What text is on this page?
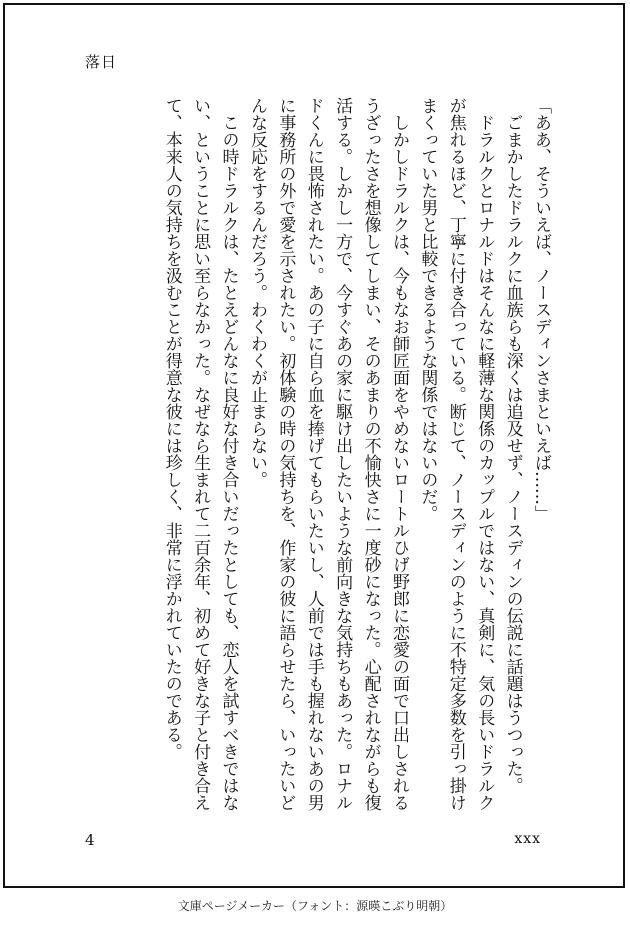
落日

「ああ、そういえば、ノースディンさまといえば……」

　ごまかしたドラルクに血族らも深くは追及せず、ノースディンの伝説に話題はうつった。

　ドラルクとロナルドはそんなに軽薄な関係のカップルではない、真剣に、気の長いドラルクが焦れるほど、丁寧に付き合っている。断じて、ノースディンのように不特定多数を引っ掛けまくっていた男と比較できるような関係ではないのだ。

　しかしドラルクは、今もなお師匠面をやめないロートルひげ野郎に恋愛の面で口出しされるうざったさを想像してしまい、そのあまりの不愉快さに一度砂になった。心配されながらも復活する。しかし一方で、今すぐあの家に駆け出したいような前向きな気持ちもあった。ロナルドくんに畏怖されたい。あの子に自ら血を捧げてもらいたいし、人前では手も握れないあの男に事務所の外で愛を示されたい。初体験の時の気持ちを、作家の彼に語らせたら、いったいどんな反応をするんだろう。わくわくが止まらない。

　この時ドラルクは、たとえどんなに良好な付き合いだったとしても、恋人を試すべきではない、ということに思い至らなかった。なぜなら生まれて二百余年、初めて好きな子と付き合えて、本来人の気持ちを汲むことが得意な彼には珍しく、非常に浮かれていたのである。

4	xxx
文庫ページメーカー（フォント：源暎こぶり明朝）
